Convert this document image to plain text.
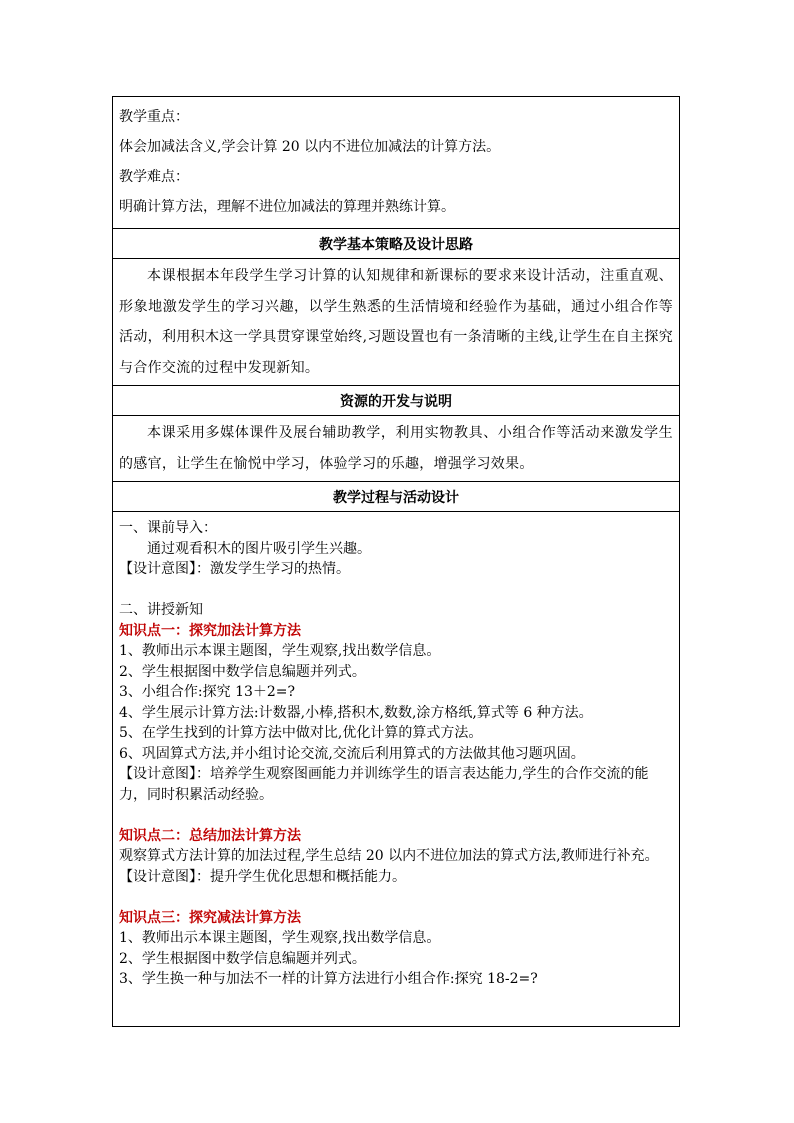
教学重点：
体会加减法含义,学会计算 20 以内不进位加减法的计算方法。
教学难点：
明确计算方法，理解不进位加减法的算理并熟练计算。

教学基本策略及设计思路

本课根据本年段学生学习计算的认知规律和新课标的要求来设计活动，注重直观、形象地激发学生的学习兴趣，以学生熟悉的生活情境和经验作为基础，通过小组合作等活动，利用积木这一学具贯穿课堂始终,习题设置也有一条清晰的主线,让学生在自主探究与合作交流的过程中发现新知。

资源的开发与说明

本课采用多媒体课件及展台辅助教学，利用实物教具、小组合作等活动来激发学生的感官，让学生在愉悦中学习，体验学习的乐趣，增强学习效果。

教学过程与活动设计

一、课前导入：

通过观看积木的图片吸引学生兴趣。

【设计意图】：激发学生学习的热情。

二、讲授新知

知识点一：探究加法计算方法

1、教师出示本课主题图，学生观察,找出数学信息。

2、学生根据图中数学信息编题并列式。

3、小组合作:探究 13＋2=?

4、学生展示计算方法:计数器,小棒,搭积木,数数,涂方格纸,算式等 6 种方法。

5、在学生找到的计算方法中做对比,优化计算的算式方法。

6、巩固算式方法,并小组讨论交流,交流后利用算式的方法做其他习题巩固。

【设计意图】：培养学生观察图画能力并训练学生的语言表达能力,学生的合作交流的能力，同时积累活动经验。

知识点二：总结加法计算方法

观察算式方法计算的加法过程,学生总结 20 以内不进位加法的算式方法,教师进行补充。

【设计意图】：提升学生优化思想和概括能力。

知识点三：探究减法计算方法

1、教师出示本课主题图，学生观察,找出数学信息。

2、学生根据图中数学信息编题并列式。

3、学生换一种与加法不一样的计算方法进行小组合作:探究 18-2=?
